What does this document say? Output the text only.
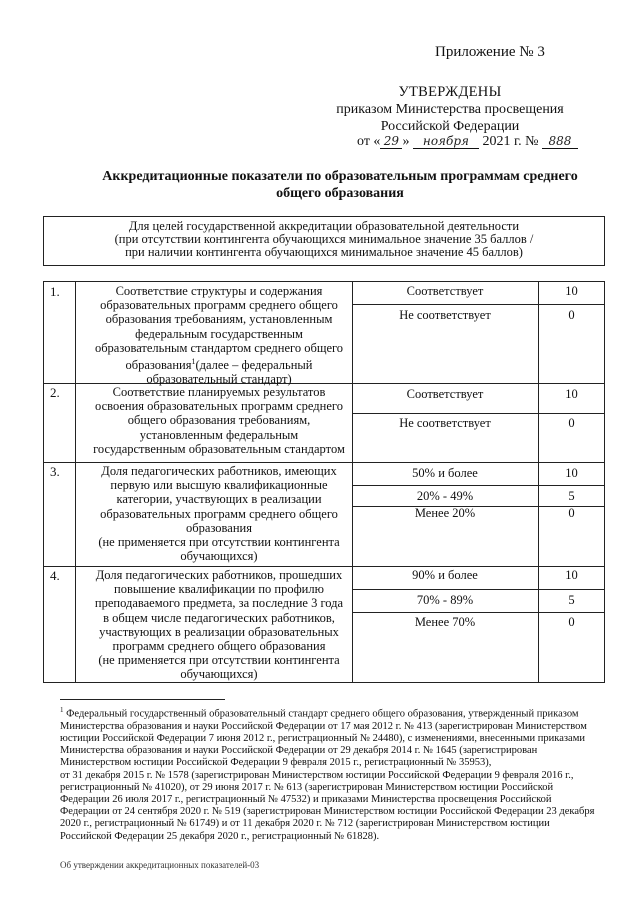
Приложение № 3
УТВЕРЖДЕНЫ
приказом Министерства просвещения
Российской Федерации
от « 29 » ноября 2021 г. № 888
Аккредитационные показатели по образовательным программам среднего
общего образования
Для целей государственной аккредитации образовательной деятельности
(при отсутствии контингента обучающихся минимальное значение 35 баллов /
при наличии контингента обучающихся минимальное значение 45 баллов)
1.	Соответствие структуры и содержания
образовательных программ среднего общего
образования требованиям, установленным
федеральным государственным
образовательным стандартом среднего общего
образования$^1$(далее – федеральный
образовательный стандарт)
Соответствует	10
Не соответствует	0
2.	Соответствие планируемых результатов
освоения образовательных программ среднего
общего образования требованиям,
установленным федеральным
государственным образовательным стандартом
Соответствует	10
Не соответствует	0
3.	Доля педагогических работников, имеющих
первую или высшую квалификационные
категории, участвующих в реализации
образовательных программ среднего общего
образования
(не применяется при отсутствии контингента
обучающихся)
50% и более	10
20% - 49%	5
Менее 20%	0
4.	Доля педагогических работников, прошедших
повышение квалификации по профилю
преподаваемого предмета, за последние 3 года
в общем числе педагогических работников,
участвующих в реализации образовательных
программ среднего общего образования
(не применяется при отсутствии контингента
обучающихся)
90% и более	10
70% - 89%	5
Менее 70%	0
$^1$ Федеральный государственный образовательный стандарт среднего общего образования, утвержденный приказом
Министерства образования и науки Российской Федерации от 17 мая 2012 г. № 413 (зарегистрирован Министерством
юстиции Российской Федерации 7 июня 2012 г., регистрационный № 24480), с изменениями, внесенными приказами
Министерства образования и науки Российской Федерации от 29 декабря 2014 г. № 1645 (зарегистрирован
Министерством юстиции Российской Федерации 9 февраля 2015 г., регистрационный № 35953),
от 31 декабря 2015 г. № 1578 (зарегистрирован Министерством юстиции Российской Федерации 9 февраля 2016 г.,
регистрационный № 41020), от 29 июня 2017 г. № 613 (зарегистрирован Министерством юстиции Российской
Федерации 26 июля 2017 г., регистрационный № 47532) и приказами Министерства просвещения Российской
Федерации от 24 сентября 2020 г. № 519 (зарегистрирован Министерством юстиции Российской Федерации 23 декабря
2020 г., регистрационный № 61749) и от 11 декабря 2020 г. № 712 (зарегистрирован Министерством юстиции
Российской Федерации 25 декабря 2020 г., регистрационный № 61828).
Об утверждении аккредитационных показателей-03
